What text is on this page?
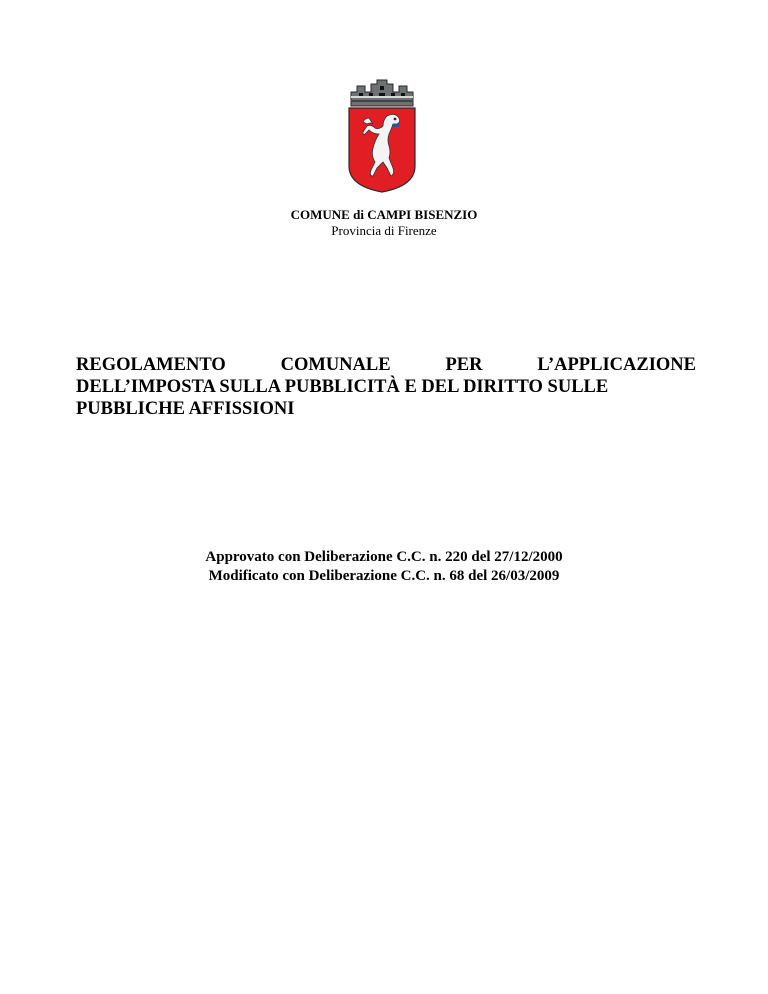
COMUNE di CAMPI BISENZIO
Provincia di Firenze
REGOLAMENTO	COMUNALE	PER	L’APPLICAZIONE
DELL’IMPOSTA SULLA PUBBLICITÀ E DEL DIRITTO SULLE
PUBBLICHE AFFISSIONI
Approvato con Deliberazione C.C. n. 220 del 27/12/2000
Modificato con Deliberazione C.C. n. 68 del 26/03/2009
